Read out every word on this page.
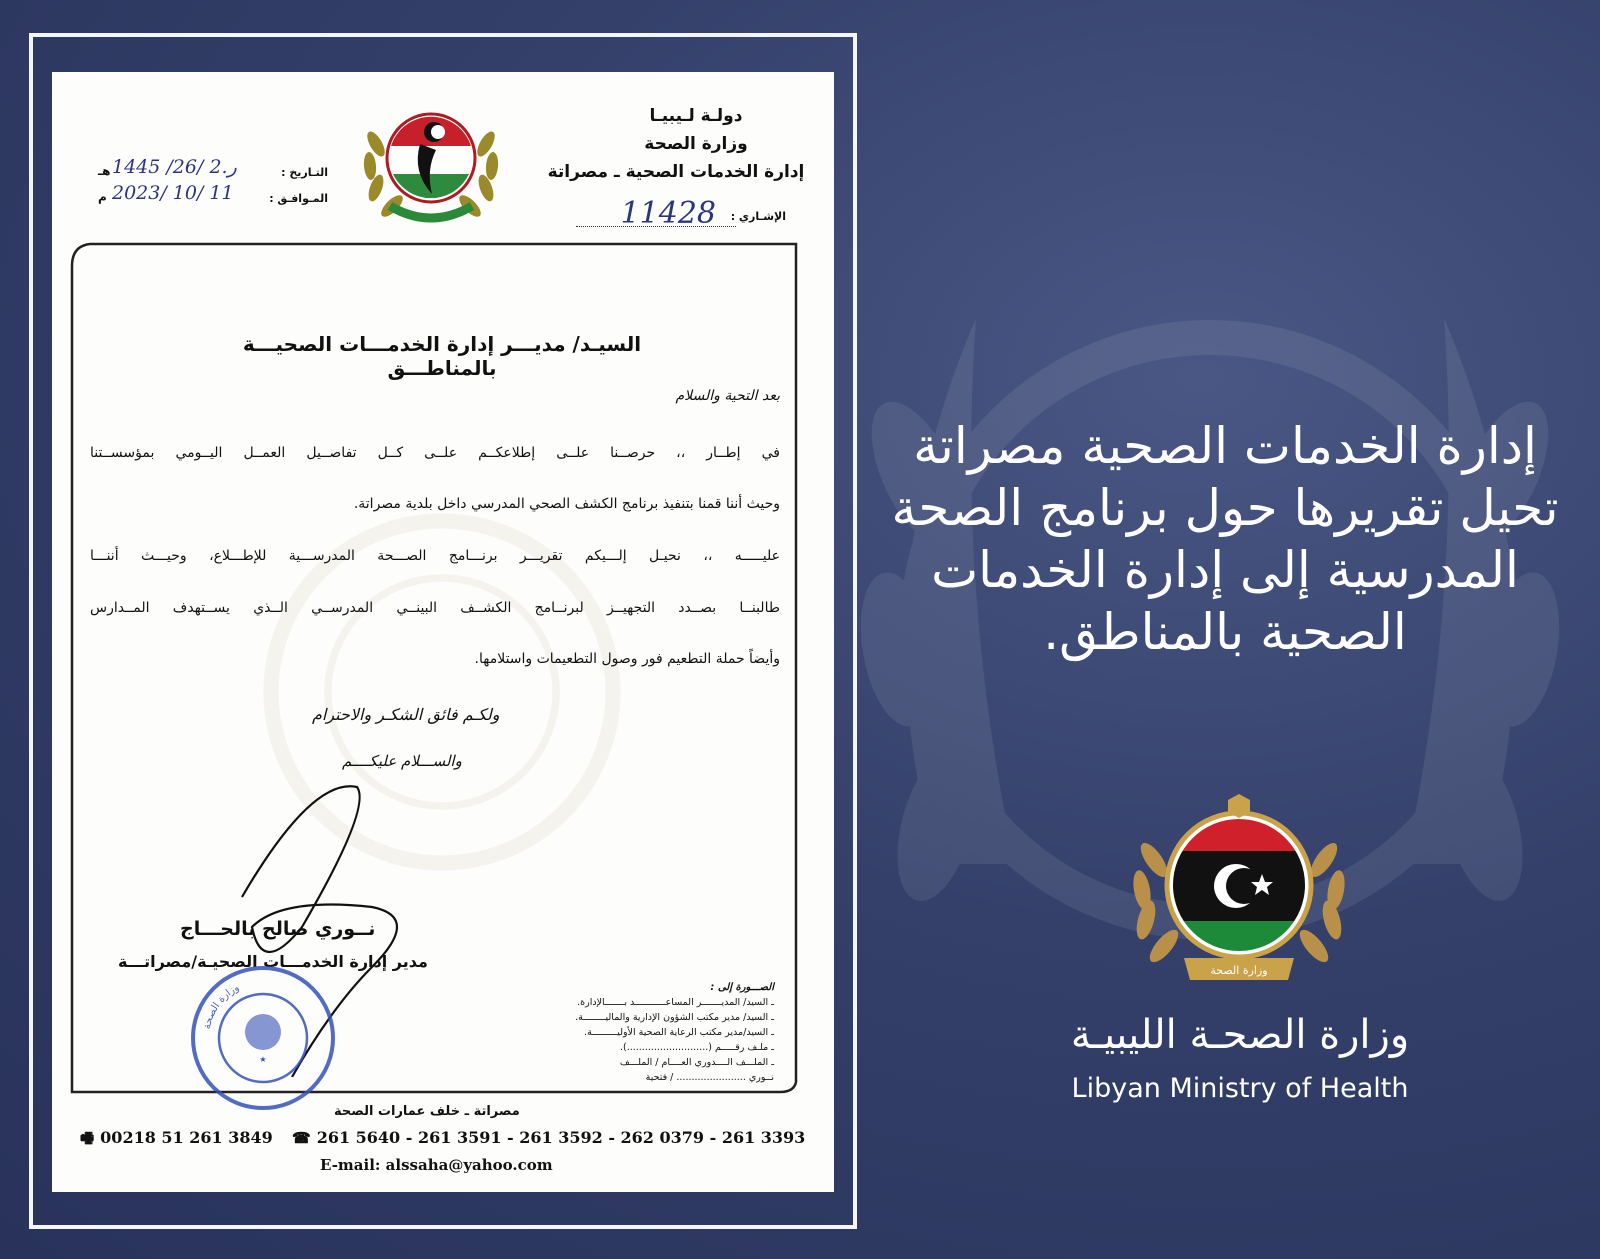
دولـة لـيبيـا
وزارة الصحة
إدارة الخدمات الصحية ـ مصراتة
الإشـاري :
11428
التـاريخ :
هـ 1445 /ر.2 /26
المـوافـق :
م 2023/ 10/ 11
السيـد/ مديـــر إدارة الخدمـــات الصحيـــة بالمناطـــق
بعد التحية والسلام
في إطــار ،، حرصــنا علــى إطلاعكــم علــى كــل تفاصــيل العمــل اليــومي بمؤسســتنا
وحيث أننا قمنا بتنفيذ برنامج الكشف الصحي المدرسي داخل بلدية مصراتة.
عليـــــه ،، نحيـل إلـــيكم تقريـــر برنـــامج الصـــحة المدرســـية للإطـــلاع، وحيـــث أننـــا
طالبنــا بصــدد التجهيــز لبرنــامج الكشــف البينــي المدرســي الــذي يســتهدف المــدارس
وأيضاً حملة التطعيم فور وصول التطعيمات واستلامها.
ولكـم فائق الشكـر والاحترام
والســـلام عليكــــم
نــوري صالح بالحـــاج
مدير إدارة الخدمـــات الصحيـة/مصراتـــة
★
وزارة الصحة	الصـــورة إلى :
ـ السيد/ المديـــــــر المساعـــــــــــد بـــــــالإدارة.
ـ السيد/ مدير مكتب الشؤون الإدارية والماليــــــــة.
ـ السيد/مدير مكتب الرعاية الصحية الأوليـــــــــة.
ـ ملـف رقـــــم (...........................).
ـ الملـــف الــــدوري العــــام / الملـــف
نــوري ....................... / فتحية
مصراتة ـ خلف عمارات الصحة
🖷 00218 51 261 3849 ☎ 261 5640 - 261 3591 - 261 3592 - 262 0379 - 261 3393
E-mail: alssaha@yahoo.com
إدارة الخدمات الصحية مصراتة تحيل تقريرها حول برنامج الصحة المدرسية إلى إدارة الخدمات الصحية بالمناطق.
وزارة الصحة
وزارة الصحـة الليبيـة
Libyan Ministry of Health
